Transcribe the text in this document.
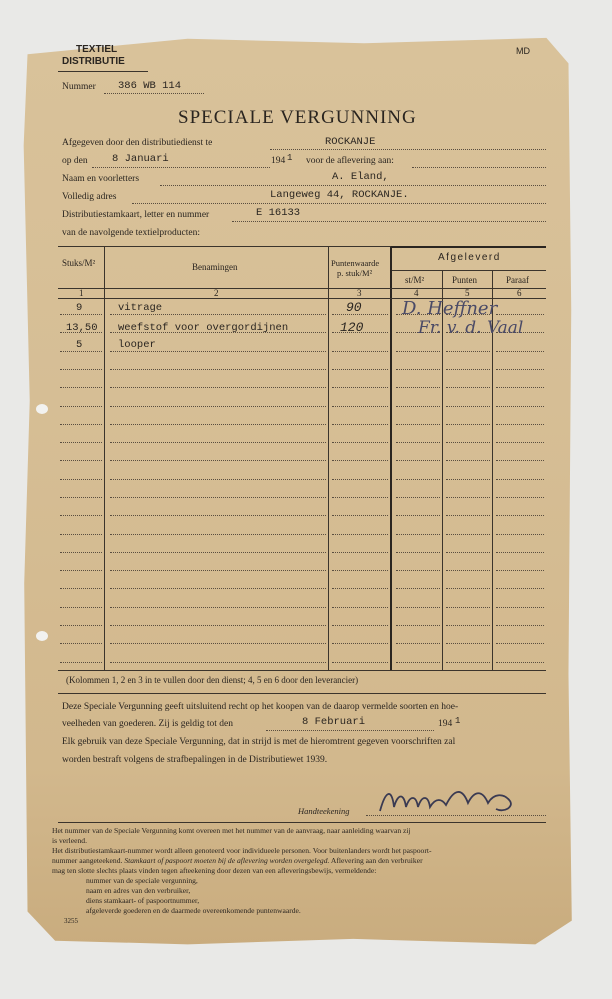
TEXTIEL
DISTRIBUTIE
MD
Nummer 386 WB 114
SPECIALE VERGUNNING
Afgegeven door den distributiedienst te	ROCKANJE
op den 8 Januari	194 1 voor de aflevering aan:
Naam en voorletters	A. Eland,
Volledig adres	Langeweg 44, ROCKANJE.
Distributiestamkaart, letter en nummer	E 16133
van de navolgende textielproducten:
Stuks/M²	Benamingen	Puntenwaarde
p. stuk/M²
Afgeleverd
st/M²	Punten	Paraaf
1	2	3	4	5	6
9	vitrage	90
13,50 weefstof voor overgordijnen	120
5	looper
D. Heffner
Fr. v. d. Vaal
(Kolommen 1, 2 en 3 in te vullen door den dienst; 4, 5 en 6 door den leverancier)
Deze Speciale Vergunning geeft uitsluitend recht op het koopen van de daarop vermelde soorten en hoe-
veelheden van goederen. Zij is geldig tot den	8 Februari	194 1
Elk gebruik van deze Speciale Vergunning, dat in strijd is met de hieromtrent gegeven voorschriften zal
worden bestraft volgens de strafbepalingen in de Distributiewet 1939.
Handteekening
Het nummer van de Speciale Vergunning komt overeen met het nummer van de aanvraag, naar aanleiding waarvan zij
is verleend.
Het distributiestamkaart-nummer wordt alleen genoteerd voor individueele personen. Voor buitenlanders wordt het paspoort-
nummer aangeteekend. Stamkaart of paspoort moeten bij de aflevering worden overgelegd. Aflevering aan den verbruiker
mag ten slotte slechts plaats vinden tegen afteekening door dezen van een afleveringsbewijs, vermeldende:
nummer van de speciale vergunning,
naam en adres van den verbruiker,
diens stamkaart- of paspoortnummer,
afgeleverde goederen en de daarmede overeenkomende puntenwaarde.
3255
